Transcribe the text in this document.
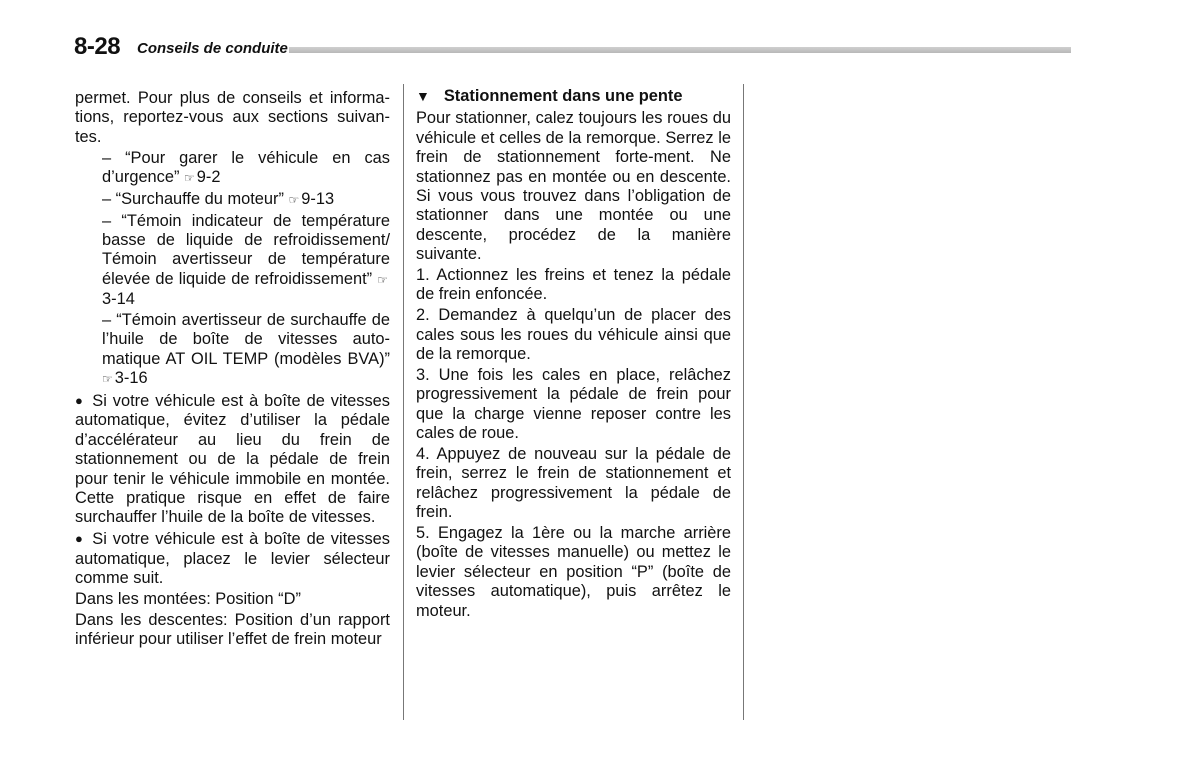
8-28 Conseils de conduite

permet. Pour plus de conseils et informa-tions, reportez-vous aux sections suivan-tes.

– “Pour garer le véhicule en cas d’urgence” ☞ 9-2

– “Surchauffe du moteur” ☞ 9-13

– “Témoin indicateur de température basse de liquide de refroidissement/ Témoin avertisseur de température élevée de liquide de refroidissement” ☞3-14

– “Témoin avertisseur de surchauffe de l’huile de boîte de vitesses auto-matique AT OIL TEMP (modèles BVA)” ☞ 3-16

● Si votre véhicule est à boîte de vitesses automatique, évitez d’utiliser la pédale d’accélérateur au lieu du frein de stationnement ou de la pédale de frein pour tenir le véhicule immobile en montée. Cette pratique risque en effet de faire surchauffer l’huile de la boîte de vitesses.

● Si votre véhicule est à boîte de vitesses automatique, placez le levier sélecteur comme suit.

Dans les montées: Position “D”

Dans les descentes: Position d’un rapport inférieur pour utiliser l’effet de frein moteur

▼ Stationnement dans une pente

Pour stationner, calez toujours les roues du véhicule et celles de la remorque. Serrez le frein de stationnement forte-ment. Ne stationnez pas en montée ou en descente. Si vous vous trouvez dans l’obligation de stationner dans une montée ou une descente, procédez de la manière suivante.

1. Actionnez les freins et tenez la pédale de frein enfoncée.

2. Demandez à quelqu’un de placer des cales sous les roues du véhicule ainsi que de la remorque.

3. Une fois les cales en place, relâchez progressivement la pédale de frein pour que la charge vienne reposer contre les cales de roue.

4. Appuyez de nouveau sur la pédale de frein, serrez le frein de stationnement et relâchez progressivement la pédale de frein.

5. Engagez la 1ère ou la marche arrière (boîte de vitesses manuelle) ou mettez le levier sélecteur en position “P” (boîte de vitesses automatique), puis arrêtez le moteur.
